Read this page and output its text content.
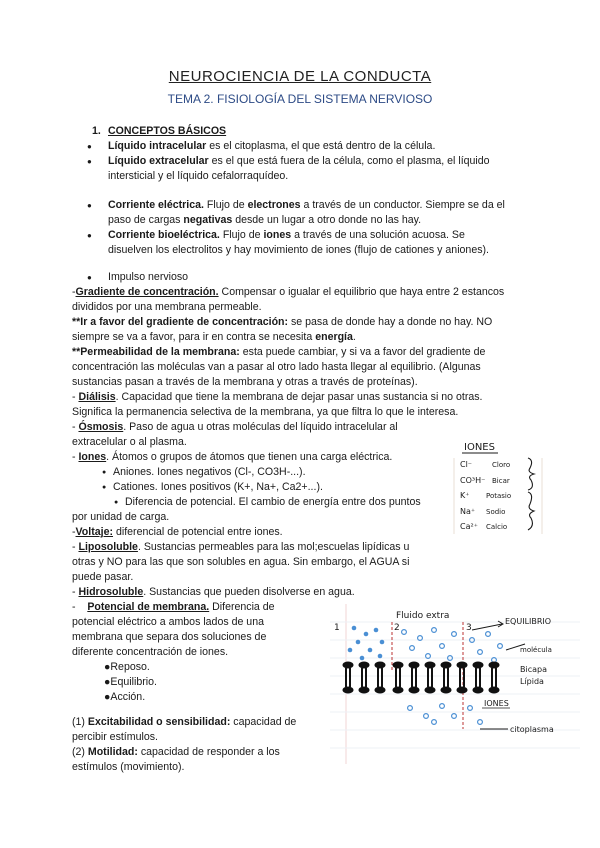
NEUROCIENCIA DE LA CONDUCTA
TEMA 2. FISIOLOGÍA DEL SISTEMA NERVIOSO
1. CONCEPTOS BÁSICOS
● Líquido intracelular es el citoplasma, el que está dentro de la célula.
● Líquido extracelular es el que está fuera de la célula, como el plasma, el líquido
intersticial y el líquido cefalorraquídeo.
● Corriente eléctrica. Flujo de electrones a través de un conductor. Siempre se da el
paso de cargas negativas desde un lugar a otro donde no las hay.
● Corriente bioeléctrica. Flujo de iones a través de una solución acuosa. Se
disuelven los electrolitos y hay movimiento de iones (flujo de cationes y aniones).
● Impulso nervioso
-Gradiente de concentración. Compensar o igualar el equilibrio que haya entre 2 estancos
divididos por una membrana permeable.
**Ir a favor del gradiente de concentración: se pasa de donde hay a donde no hay. NO
siempre se va a favor, para ir en contra se necesita energía.
**Permeabilidad de la membrana: esta puede cambiar, y si va a favor del gradiente de
concentración las moléculas van a pasar al otro lado hasta llegar al equilibrio. (Algunas
sustancias pasan a través de la membrana y otras a través de proteínas).
- Diálisis. Capacidad que tiene la membrana de dejar pasar unas sustancia si no otras.
Significa la permanencia selectiva de la membrana, ya que filtra lo que le interesa.
- Ósmosis. Paso de agua u otras moléculas del líquido intracelular al
extracelular o al plasma.
- Iones. Átomos o grupos de átomos que tienen una carga eléctrica.
● Aniones. Iones negativos (Cl-, CO3H-...).
● Cationes. Iones positivos (K+, Na+, Ca2+...).
● Diferencia de potencial. El cambio de energía entre dos puntos
por unidad de carga.
-Voltaje: diferencial de potencial entre iones.
- Liposoluble. Sustancias permeables para las mol;escuelas lipídicas u
otras y NO para las que son solubles en agua. Sin embargo, el AGUA si
puede pasar.
- Hidrosoluble. Sustancias que pueden disolverse en agua.
-    Potencial de membrana. Diferencia de
potencial eléctrico a ambos lados de una
membrana que separa dos soluciones de
diferente concentración de iones.
●Reposo.
●Equilibrio.
●Acción.
(1) Excitabilidad o sensibilidad: capacidad de
percibir estímulos.
(2) Motilidad: capacidad de responder a los
estímulos (movimiento).
IONES
Cl⁻	Cloro
CO³H⁻ Bicar
K⁺ Potasio
Na⁺ Sodio
Ca²⁺ Calcio
Fluido extra
1	2	3
EQUILIBRIO
molécula
Bicapa
Lípida
IONES
citoplasma
